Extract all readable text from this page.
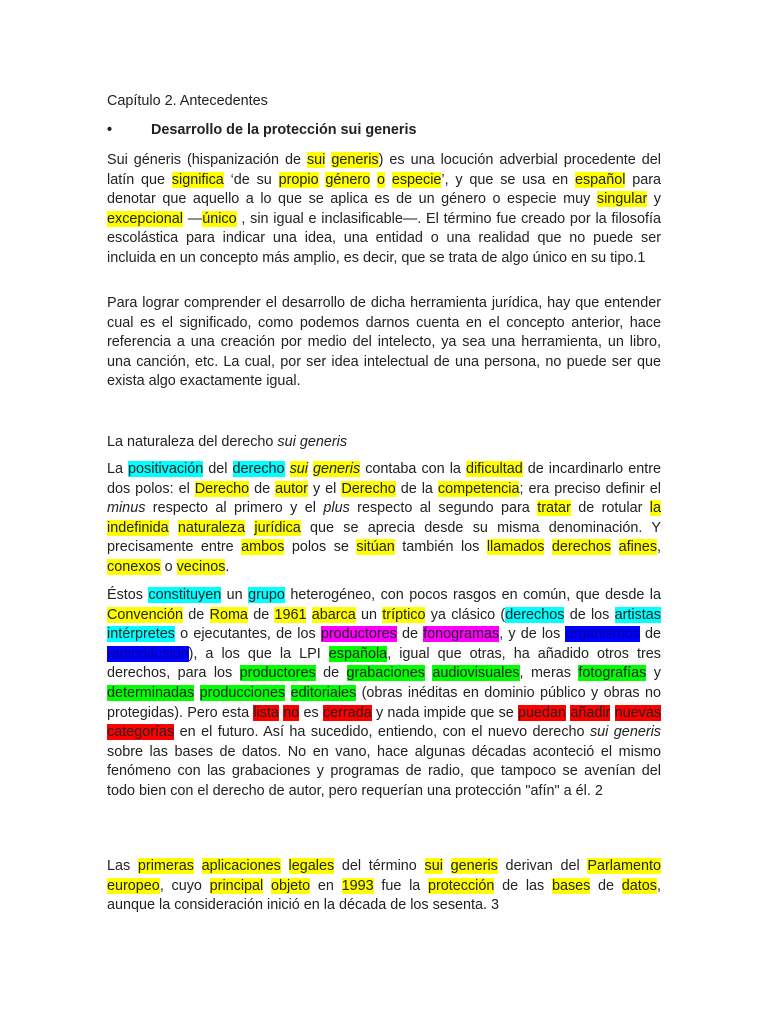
Capítulo 2. Antecedentes
•	Desarrollo de la protección sui generis
Sui géneris (hispanización de sui generis) es una locución adverbial procedente del latín que significa ‘de su propio género o especie’, y que se usa en español para denotar que aquello a lo que se aplica es de un género o especie muy singular y excepcional —único , sin igual e inclasificable—. El término fue creado por la filosofía escolástica para indicar una idea, una entidad o una realidad que no puede ser incluida en un concepto más amplio, es decir, que se trata de algo único en su tipo.1
Para lograr comprender el desarrollo de dicha herramienta jurídica, hay que entender cual es el significado, como podemos darnos cuenta en el concepto anterior, hace referencia a una creación por medio del intelecto, ya sea una herramienta, un libro, una canción, etc. La cual, por ser idea intelectual de una persona, no puede ser que exista algo exactamente igual.
La naturaleza del derecho sui generis
La positivación del derecho sui generis contaba con la dificultad de incardinarlo entre dos polos: el Derecho de autor y el Derecho de la competencia; era preciso definir el minus respecto al primero y el plus respecto al segundo para tratar de rotular la indefinida naturaleza jurídica que se aprecia desde su misma denominación. Y precisamente entre ambos polos se sitúan también los llamados derechos afines, conexos o vecinos.
Éstos constituyen un grupo heterogéneo, con pocos rasgos en común, que desde la Convención de Roma de 1961 abarca un tríptico ya clásico (derechos de los artistas intérpretes o ejecutantes, de los productores de fonogramas, y de los organismos de radiodifusión), a los que la LPI española, igual que otras, ha añadido otros tres derechos, para los productores de grabaciones audiovisuales, meras fotografías y determinadas producciones editoriales (obras inéditas en dominio público y obras no protegidas). Pero esta lista no es cerrada y nada impide que se puedan añadir nuevas categorías en el futuro. Así ha sucedido, entiendo, con el nuevo derecho sui generis sobre las bases de datos. No en vano, hace algunas décadas aconteció el mismo fenómeno con las grabaciones y programas de radio, que tampoco se avenían del todo bien con el derecho de autor, pero requerían una protección "afín" a él. 2
Las primeras aplicaciones legales del término sui generis derivan del Parlamento europeo, cuyo principal objeto en 1993 fue la protección de las bases de datos, aunque la consideración inició en la década de los sesenta. 3
